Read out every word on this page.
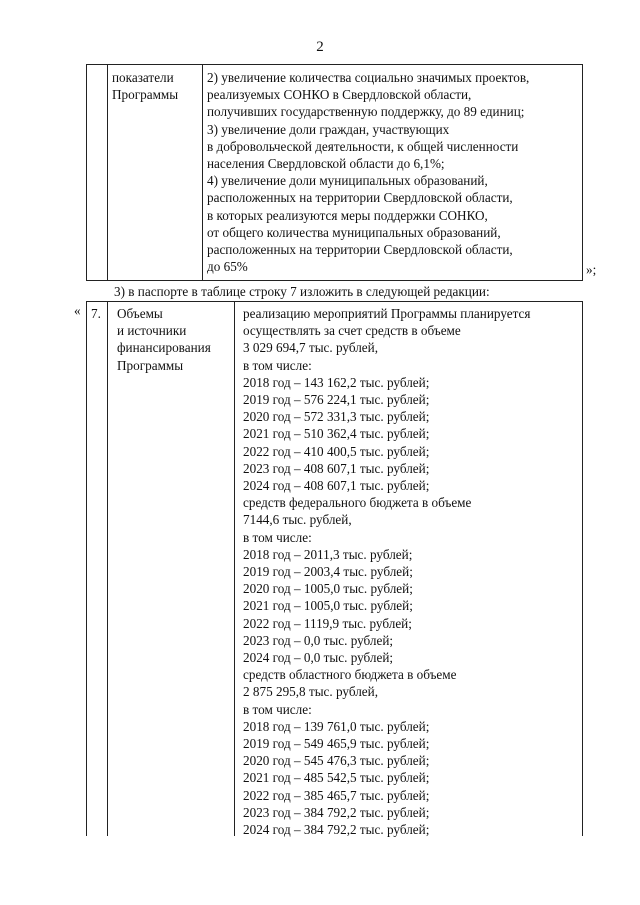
2
показатели
Программы
2) увеличение количества социально значимых проектов,
реализуемых СОНКО в Свердловской области,
получивших государственную поддержку, до 89 единиц;
3) увеличение доли граждан, участвующих
в добровольческой деятельности, к общей численности
населения Свердловской области до 6,1%;
4) увеличение доли муниципальных образований,
расположенных на территории Свердловской области,
в которых реализуются меры поддержки СОНКО,
от общего количества муниципальных образований,
расположенных на территории Свердловской области,
до 65%	»;
3) в паспорте в таблице строку 7 изложить в следующей редакции:
« 7. Объемы
и источники
финансирования
Программы
реализацию мероприятий Программы планируется
осуществлять за счет средств в объеме
3 029 694,7 тыс. рублей,
в том числе:
2018 год – 143 162,2 тыс. рублей;
2019 год – 576 224,1 тыс. рублей;
2020 год – 572 331,3 тыс. рублей;
2021 год – 510 362,4 тыс. рублей;
2022 год – 410 400,5 тыс. рублей;
2023 год – 408 607,1 тыс. рублей;
2024 год – 408 607,1 тыс. рублей;
средств федерального бюджета в объеме
7144,6 тыс. рублей,
в том числе:
2018 год – 2011,3 тыс. рублей;
2019 год – 2003,4 тыс. рублей;
2020 год – 1005,0 тыс. рублей;
2021 год – 1005,0 тыс. рублей;
2022 год – 1119,9 тыс. рублей;
2023 год – 0,0 тыс. рублей;
2024 год – 0,0 тыс. рублей;
средств областного бюджета в объеме
2 875 295,8 тыс. рублей,
в том числе:
2018 год – 139 761,0 тыс. рублей;
2019 год – 549 465,9 тыс. рублей;
2020 год – 545 476,3 тыс. рублей;
2021 год – 485 542,5 тыс. рублей;
2022 год – 385 465,7 тыс. рублей;
2023 год – 384 792,2 тыс. рублей;
2024 год – 384 792,2 тыс. рублей;
